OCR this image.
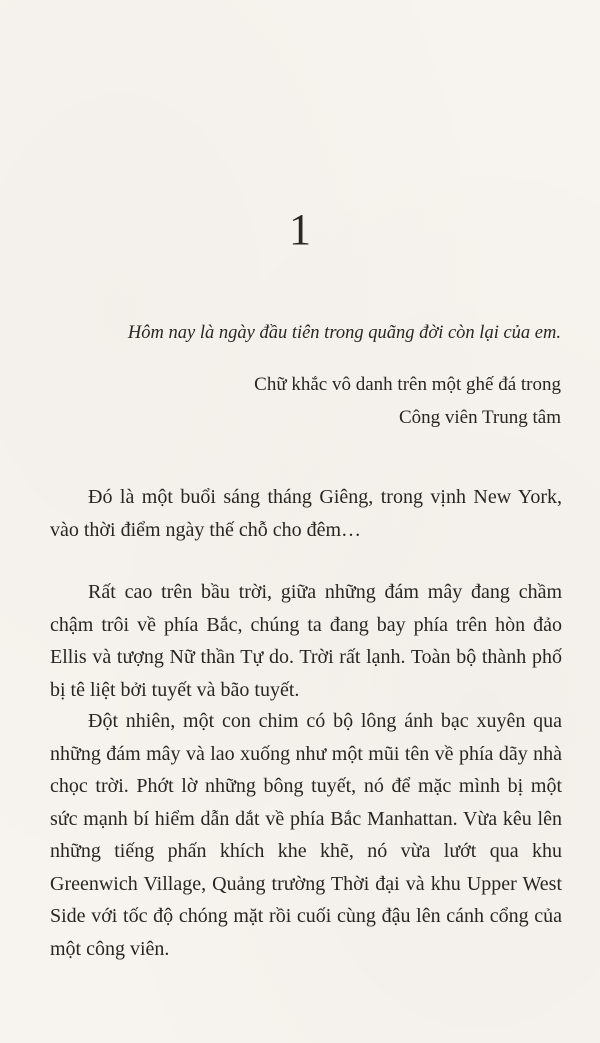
1
Hôm nay là ngày đầu tiên trong quãng đời còn lại của em.
Chữ khắc vô danh trên một ghế đá trong
Công viên Trung tâm

Đó là một buổi sáng tháng Giêng, trong vịnh New York, vào thời điểm ngày thế chỗ cho đêm…

Rất cao trên bầu trời, giữa những đám mây đang chầm chậm trôi về phía Bắc, chúng ta đang bay phía trên hòn đảo Ellis và tượng Nữ thần Tự do. Trời rất lạnh. Toàn bộ thành phố bị tê liệt bởi tuyết và bão tuyết.

Đột nhiên, một con chim có bộ lông ánh bạc xuyên qua những đám mây và lao xuống như một mũi tên về phía dãy nhà chọc trời. Phớt lờ những bông tuyết, nó để mặc mình bị một sức mạnh bí hiểm dẫn dắt về phía Bắc Manhattan. Vừa kêu lên những tiếng phấn khích khe khẽ, nó vừa lướt qua khu Greenwich Village, Quảng trường Thời đại và khu Upper West Side với tốc độ chóng mặt rồi cuối cùng đậu lên cánh cổng của một công viên.
